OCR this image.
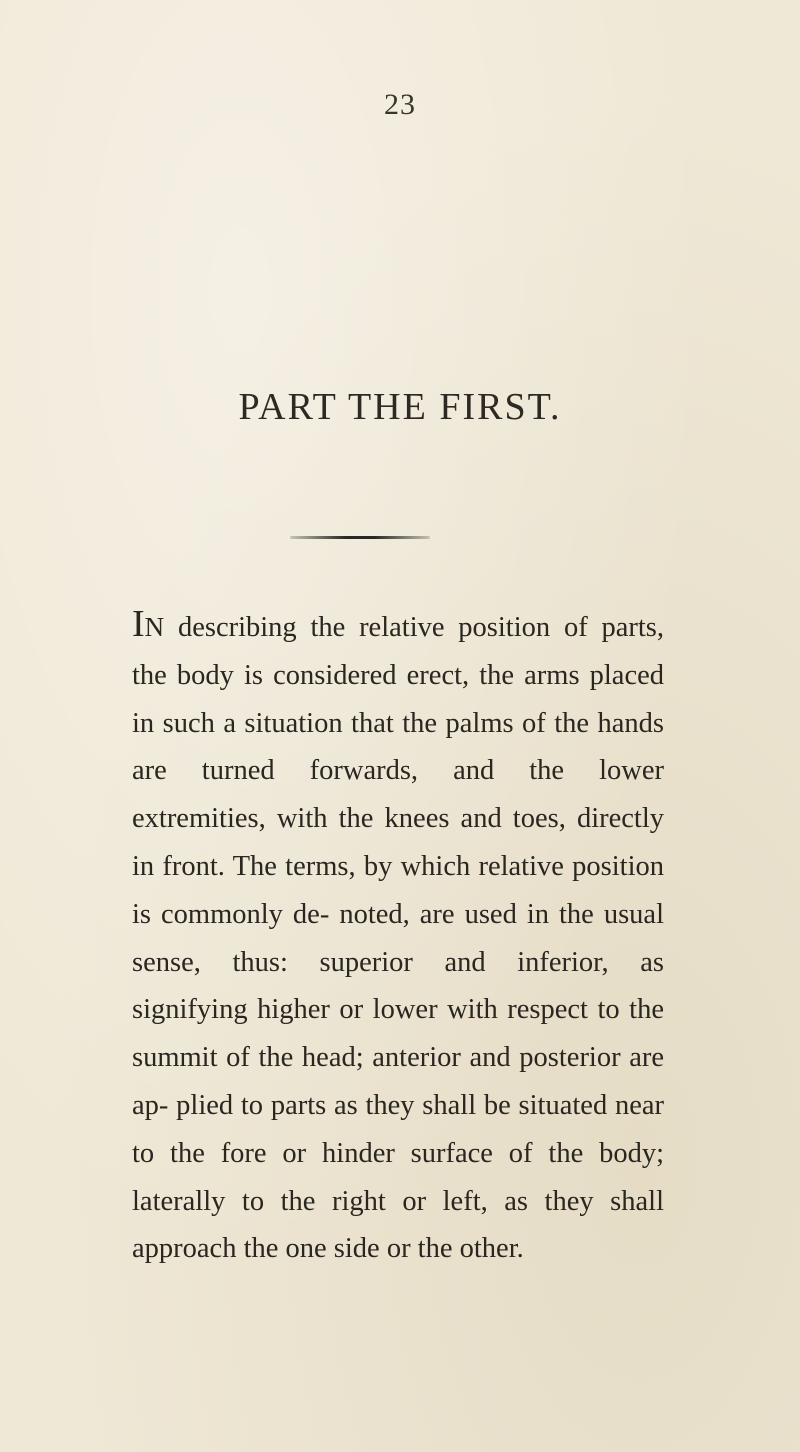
23
PART THE FIRST.
In describing the relative position of parts, the body is considered erect, the arms placed in such a situation that the palms of the hands are turned forwards, and the lower extremities, with the knees and toes, directly in front. The terms, by which relative position is commonly de- noted, are used in the usual sense, thus: superior and inferior, as signifying higher or lower with respect to the summit of the head; anterior and posterior are ap- plied to parts as they shall be situated near to the fore or hinder surface of the body; laterally to the right or left, as they shall approach the one side or the other.
